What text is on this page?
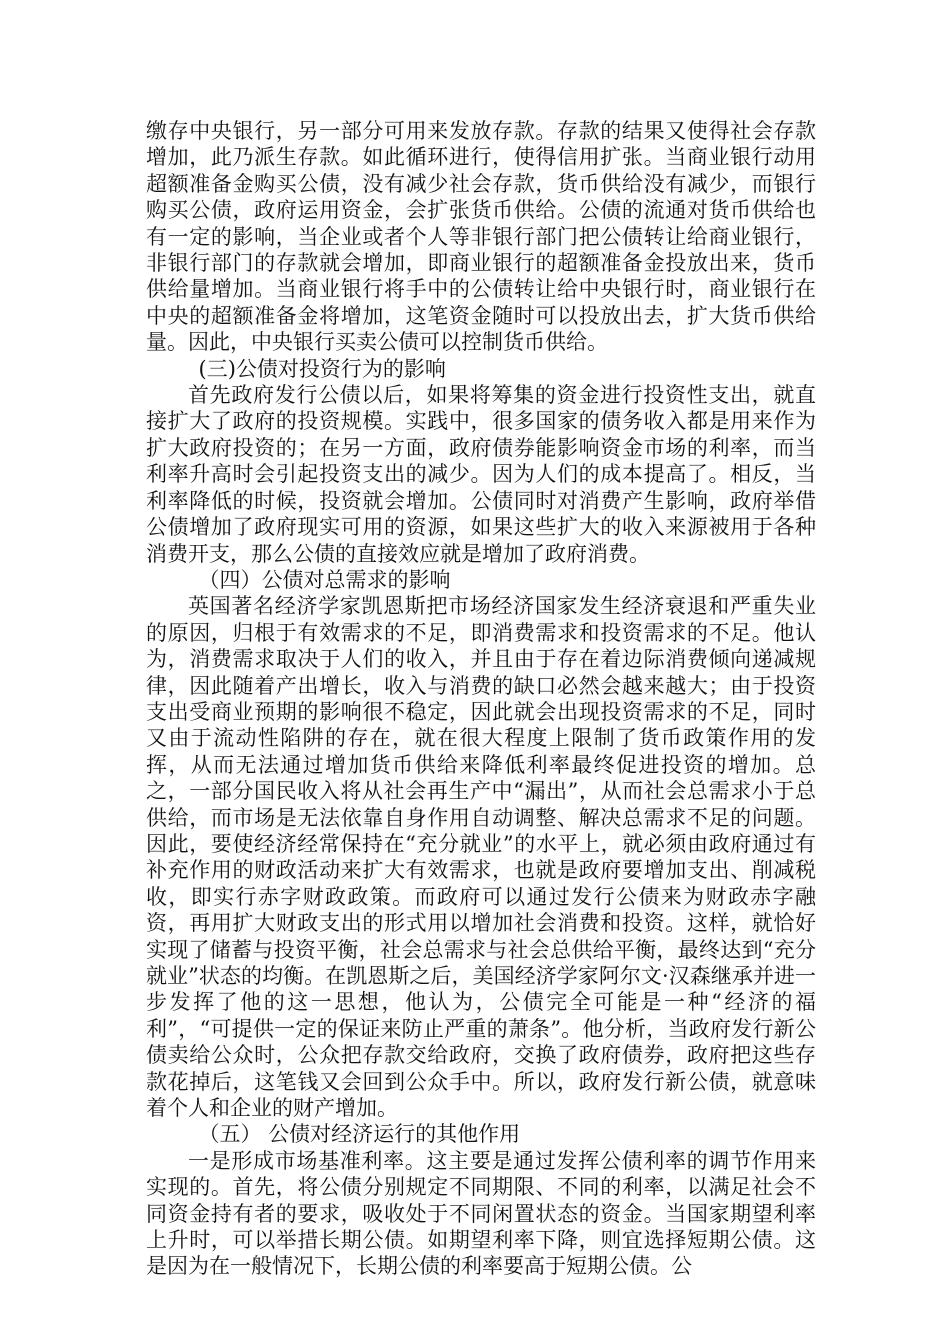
缴存中央银行，另一部分可用来发放存款。存款的结果又使得社会存款增加，此乃派生存款。如此循环进行，使得信用扩张。当商业银行动用超额准备金购买公债，没有减少社会存款，货币供给没有减少，而银行购买公债，政府运用资金，会扩张货币供给。公债的流通对货币供给也有一定的影响，当企业或者个人等非银行部门把公债转让给商业银行，非银行部门的存款就会增加，即商业银行的超额准备金投放出来，货币供给量增加。当商业银行将手中的公债转让给中央银行时，商业银行在中央的超额准备金将增加，这笔资金随时可以投放出去，扩大货币供给量。因此，中央银行买卖公债可以控制货币供给。

(三)公债对投资行为的影响

首先政府发行公债以后，如果将筹集的资金进行投资性支出，就直接扩大了政府的投资规模。实践中，很多国家的债务收入都是用来作为扩大政府投资的；在另一方面，政府债券能影响资金市场的利率，而当利率升高时会引起投资支出的减少。因为人们的成本提高了。相反，当利率降低的时候，投资就会增加。公债同时对消费产生影响，政府举借公债增加了政府现实可用的资源，如果这些扩大的收入来源被用于各种消费开支，那么公债的直接效应就是增加了政府消费。

（四）公债对总需求的影响

英国著名经济学家凯恩斯把市场经济国家发生经济衰退和严重失业的原因，归根于有效需求的不足，即消费需求和投资需求的不足。他认为，消费需求取决于人们的收入，并且由于存在着边际消费倾向递减规律，因此随着产出增长，收入与消费的缺口必然会越来越大；由于投资支出受商业预期的影响很不稳定，因此就会出现投资需求的不足，同时又由于流动性陷阱的存在，就在很大程度上限制了货币政策作用的发挥，从而无法通过增加货币供给来降低利率最终促进投资的增加。总之，一部分国民收入将从社会再生产中“漏出”，从而社会总需求小于总供给，而市场是无法依靠自身作用自动调整、解决总需求不足的问题。因此，要使经济经常保持在“充分就业”的水平上，就必须由政府通过有补充作用的财政活动来扩大有效需求，也就是政府要增加支出、削减税收，即实行赤字财政政策。而政府可以通过发行公债来为财政赤字融资，再用扩大财政支出的形式用以增加社会消费和投资。这样，就恰好实现了储蓄与投资平衡，社会总需求与社会总供给平衡，最终达到“充分就业”状态的均衡。在凯恩斯之后，美国经济学家阿尔文·汉森继承并进一步发挥了他的这一思想，他认为，公债完全可能是一种“经济的福利”，“可提供一定的保证来防止严重的萧条”。他分析，当政府发行新公债卖给公众时，公众把存款交给政府，交换了政府债券，政府把这些存款花掉后，这笔钱又会回到公众手中。所以，政府发行新公债，就意味着个人和企业的财产增加。

（五） 公债对经济运行的其他作用

一是形成市场基准利率。这主要是通过发挥公债利率的调节作用来实现的。首先，将公债分别规定不同期限、不同的利率，以满足社会不同资金持有者的要求，吸收处于不同闲置状态的资金。当国家期望利率上升时，可以举措长期公债。如期望利率下降，则宜选择短期公债。这是因为在一般情况下，长期公债的利率要高于短期公债。公
